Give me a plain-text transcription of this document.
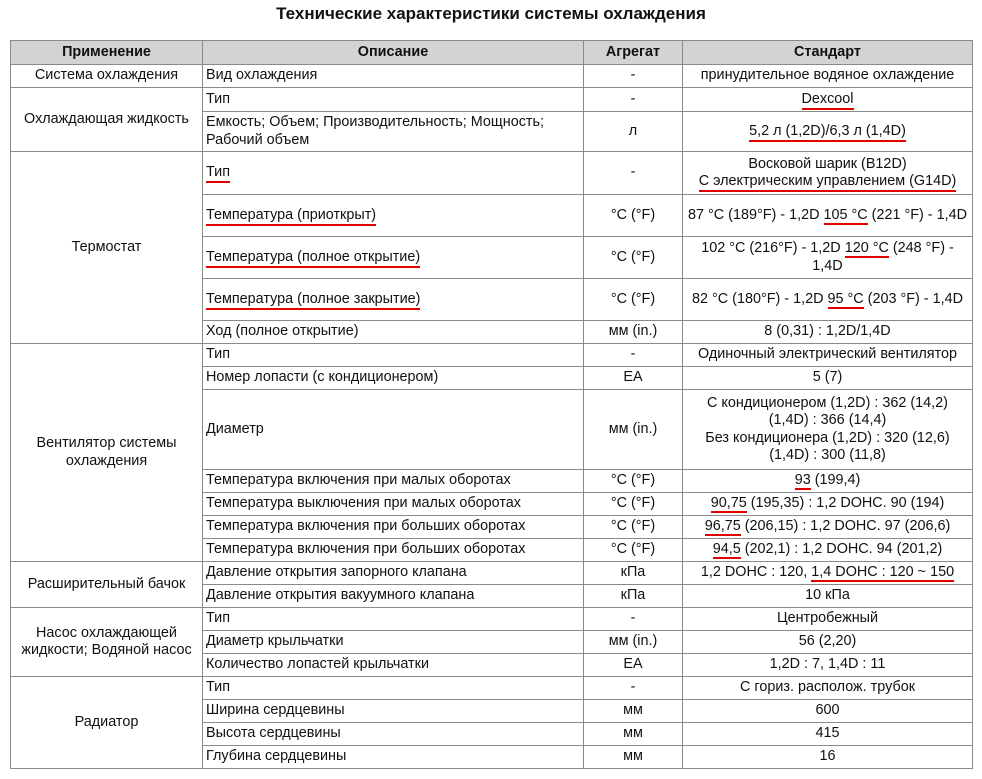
Технические характеристики системы охлаждения
Применение	Описание	Агрегат	Стандарт
Система охлаждения	Вид охлаждения	-	принудительное водяное охлаждение
Охлаждающая жидкость	Тип	-	Dexcool
	Емкость; Объем; Производительность; Мощность; Рабочий объем	л	5,2 л (1,2D)/6,3 л (1,4D)
Термостат	Тип	-	Восковой шарик (B12D)
С электрическим управлением (G14D)

	Температура (приоткрыт)	°C (°F)	87 °C (189°F) - 1,2D 105 °C (221 °F) - 1,4D
	Температура (полное открытие)	°C (°F)	102 °C (216°F) - 1,2D 120 °C (248 °F) - 1,4D
	Температура (полное закрытие)	°C (°F)	82 °C (180°F) - 1,2D 95 °C (203 °F) - 1,4D
	Ход (полное открытие)	мм (in.)	8 (0,31) : 1,2D/1,4D
Вентилятор системы охлаждения	Тип	-	Одиночный электрический вентилятор
	Номер лопасти (с кондиционером)	EA	5 (7)
	Диаметр	мм (in.)	С кондиционером (1,2D) : 362 (14,2) (1,4D) : 366 (14,4)
Без кондиционера (1,2D) : 320 (12,6) (1,4D) : 300 (11,8)

	Температура включения при малых оборотах	°C (°F)	93 (199,4)
	Температура выключения при малых оборотах	°C (°F)	90,75 (195,35) : 1,2 DOHC. 90 (194)
	Температура включения при больших оборотах	°C (°F)	96,75 (206,15) : 1,2 DOHC. 97 (206,6)
	Температура включения при больших оборотах	°C (°F)	94,5 (202,1) : 1,2 DOHC. 94 (201,2)
Расширительный бачок	Давление открытия запорного клапана	кПа	1,2 DOHC : 120, 1,4 DOHC : 120 ~ 150
	Давление открытия вакуумного клапана	кПа	10 кПа
Насос охлаждающей жидкости; Водяной насос	Тип	-	Центробежный
	Диаметр крыльчатки	мм (in.)	56 (2,20)
	Количество лопастей крыльчатки	EA	1,2D : 7, 1,4D : 11
Радиатор	Тип	-	С гориз. располож. трубок
	Ширина сердцевины	мм	600
	Высота сердцевины	мм	415
	Глубина сердцевины	мм	16
